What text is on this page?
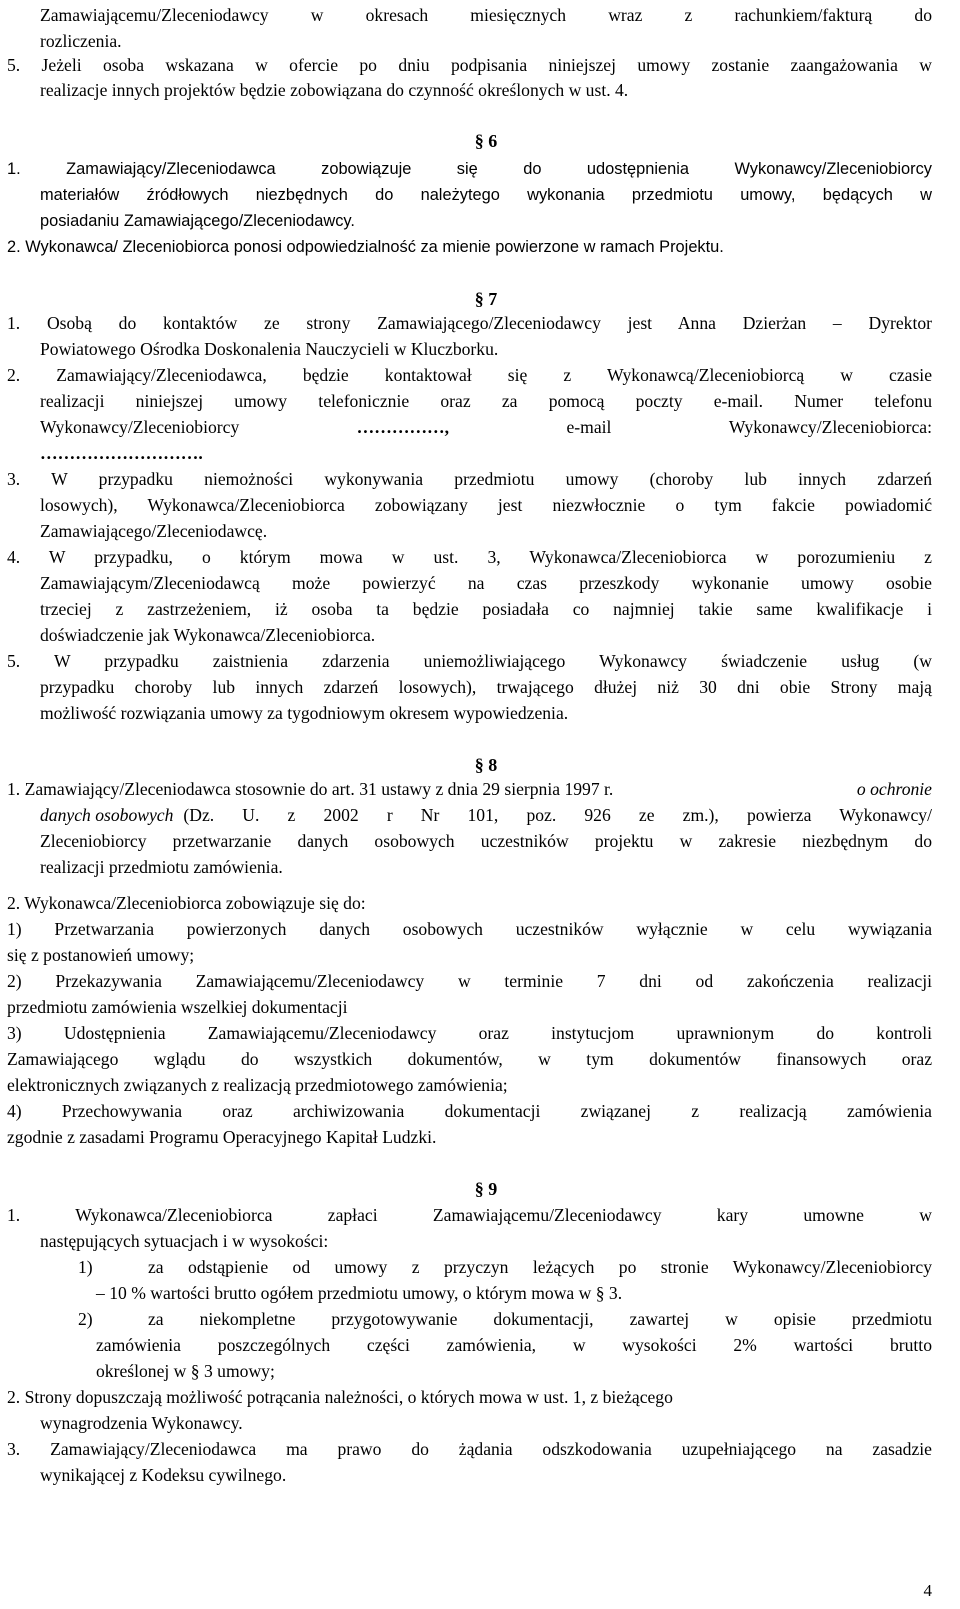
Zamawiającemu/Zleceniodawcy w okresach miesięcznych wraz z rachunkiem/fakturą do
rozliczenia.
5. Jeżeli osoba wskazana w ofercie po dniu podpisania niniejszej umowy zostanie zaangażowania w
realizacje innych projektów będzie zobowiązana do czynność określonych w ust. 4.
§ 6
1. Zamawiający/Zleceniodawca zobowiązuje się do udostępnienia Wykonawcy/Zleceniobiorcy
materiałów źródłowych niezbędnych do należytego wykonania przedmiotu umowy, będących w
posiadaniu Zamawiającego/Zleceniodawcy.
2. Wykonawca/ Zleceniobiorca ponosi odpowiedzialność za mienie powierzone w ramach Projektu.
§ 7
1. Osobą do kontaktów ze strony Zamawiającego/Zleceniodawcy jest Anna Dzierżan – Dyrektor
Powiatowego Ośrodka Doskonalenia Nauczycieli w Kluczborku.
2. Zamawiający/Zleceniodawca, będzie kontaktował się z Wykonawcą/Zleceniobiorcą w czasie
realizacji niniejszej umowy telefonicznie oraz za pomocą poczty e-mail. Numer telefonu
Wykonawcy/Zleceniobiorcy	……………,	e-mail	Wykonawcy/Zleceniobiorca:
……………………….
3. W przypadku niemożności wykonywania przedmiotu umowy (choroby lub innych zdarzeń
losowych), Wykonawca/Zleceniobiorca zobowiązany jest niezwłocznie o tym fakcie powiadomić
Zamawiającego/Zleceniodawcę.
4. W przypadku, o którym mowa w ust. 3, Wykonawca/Zleceniobiorca w porozumieniu z
Zamawiającym/Zleceniodawcą może powierzyć na czas przeszkody wykonanie umowy osobie
trzeciej z zastrzeżeniem, iż osoba ta będzie posiadała co najmniej takie same kwalifikacje i
doświadczenie jak Wykonawca/Zleceniobiorca.
5. W przypadku zaistnienia zdarzenia uniemożliwiającego Wykonawcy świadczenie usług (w
przypadku choroby lub innych zdarzeń losowych), trwającego dłużej niż 30 dni obie Strony mają
możliwość rozwiązania umowy za tygodniowym okresem wypowiedzenia.
§ 8
1. Zamawiający/Zleceniodawca stosownie do art. 31 ustawy z dnia 29 sierpnia 1997 r.	o ochronie
danych osobowych (Dz. U. z 2002 r Nr 101, poz. 926 ze zm.), powierza Wykonawcy/
Zleceniobiorcy przetwarzanie danych osobowych uczestników projektu w zakresie niezbędnym do
realizacji przedmiotu zamówienia.
2. Wykonawca/Zleceniobiorca zobowiązuje się do:
1) Przetwarzania powierzonych danych osobowych uczestników wyłącznie w celu wywiązania
się z postanowień umowy;
2) Przekazywania Zamawiającemu/Zleceniodawcy w terminie 7 dni od zakończenia realizacji
przedmiotu zamówienia wszelkiej dokumentacji
3) Udostępnienia Zamawiającemu/Zleceniodawcy oraz instytucjom uprawnionym do kontroli
Zamawiającego wglądu do wszystkich dokumentów, w tym dokumentów finansowych oraz
elektronicznych związanych z realizacją przedmiotowego zamówienia;
4) Przechowywania oraz archiwizowania dokumentacji związanej z realizacją zamówienia
zgodnie z zasadami Programu Operacyjnego Kapitał Ludzki.
§ 9
1. Wykonawca/Zleceniobiorca zapłaci Zamawiającemu/Zleceniodawcy kary umowne w
następujących sytuacjach i w wysokości:
1)	za odstąpienie od umowy z przyczyn leżących po stronie Wykonawcy/Zleceniobiorcy
– 10 % wartości brutto ogółem przedmiotu umowy, o którym mowa w § 3.
2)	za niekompletne przygotowywanie dokumentacji, zawartej w opisie przedmiotu
zamówienia poszczególnych części zamówienia, w wysokości 2% wartości brutto
określonej w § 3 umowy;
2. Strony dopuszczają możliwość potrącania należności, o których mowa w ust. 1, z bieżącego
wynagrodzenia Wykonawcy.
3. Zamawiający/Zleceniodawca ma prawo do żądania odszkodowania uzupełniającego na zasadzie
wynikającej z Kodeksu cywilnego.
4
